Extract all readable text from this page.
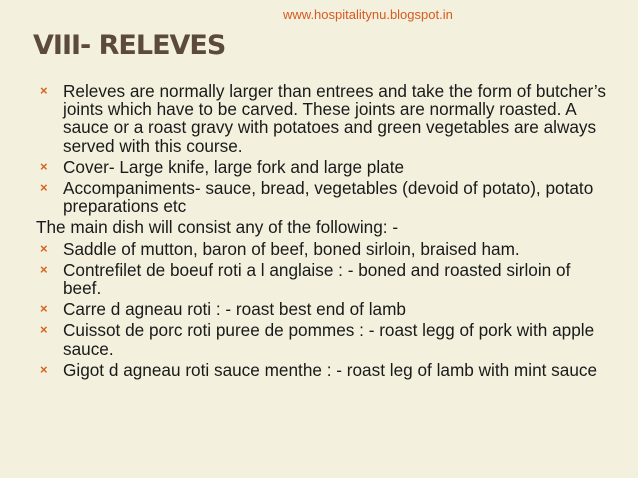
www.hospitalitynu.blogspot.in
VIII- RELEVES
× Releves are normally larger than entrees and take the form of butcher’s joints which have to be carved. These joints are normally roasted. A sauce or a roast gravy with potatoes and green vegetables are always served with this course.
× Cover- Large knife, large fork and large plate
× Accompaniments- sauce, bread, vegetables (devoid of potato), potato preparations etc
The main dish will consist any of the following: -
× Saddle of mutton, baron of beef, boned sirloin, braised ham.
× Contrefilet de boeuf roti a l anglaise : - boned and roasted sirloin of beef.
× Carre d agneau roti : - roast best end of lamb
× Cuissot de porc roti puree de pommes : - roast legg of pork with apple sauce.
× Gigot d agneau roti sauce menthe : - roast leg of lamb with mint sauce
